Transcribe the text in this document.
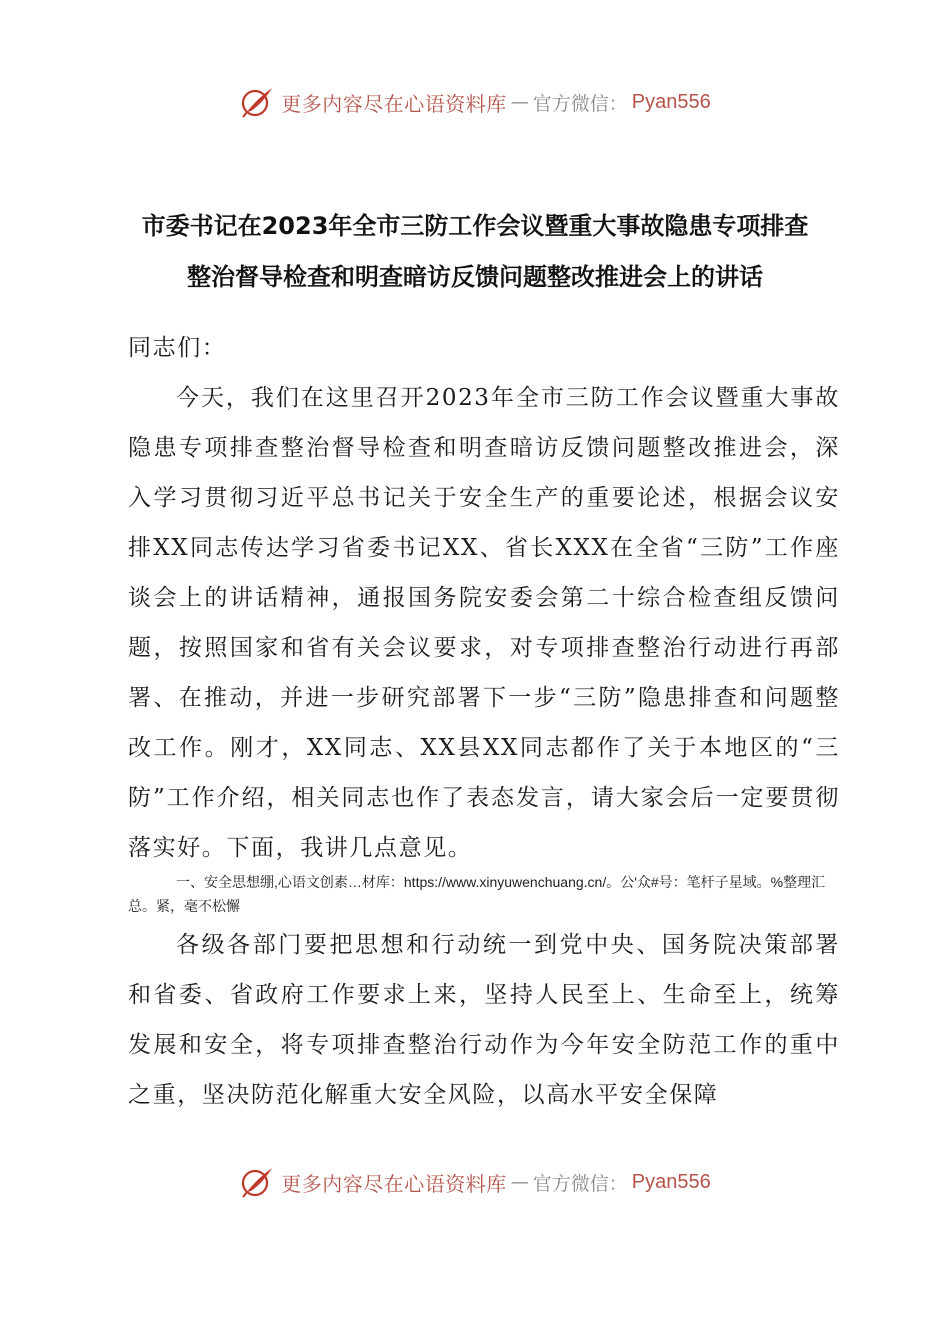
更多内容尽在心语资料库 — 官方微信： Pyan556
市委书记在2023年全市三防工作会议暨重大事故隐患专项排查
整治督导检查和明查暗访反馈问题整改推进会上的讲话

同志们：

今天，我们在这里召开2023年全市三防工作会议暨重大事故隐患专项排查整治督导检查和明查暗访反馈问题整改推进会，深入学习贯彻习近平总书记关于安全生产的重要论述，根据会议安排XX同志传达学习省委书记XX、省长XXX在全省“三防”工作座谈会上的讲话精神，通报国务院安委会第二十综合检查组反馈问题，按照国家和省有关会议要求，对专项排查整治行动进行再部署、在推动，并进一步研究部署下一步“三防”隐患排查和问题整改工作。刚才，XX同志、XX县XX同志都作了关于本地区的“三防”工作介绍，相关同志也作了表态发言，请大家会后一定要贯彻落实好。下面，我讲几点意见。

一、安全思想绷,心语文创素…材库：https://www.xinyuwenchuang.cn/。公'众#号：笔杆子星域。%整理汇总。紧，毫不松懈

各级各部门要把思想和行动统一到党中央、国务院决策部署和省委、省政府工作要求上来，坚持人民至上、生命至上，统筹发展和安全，将专项排查整治行动作为今年安全防范工作的重中之重，坚决防范化解重大安全风险，以高水平安全保障

更多内容尽在心语资料库 — 官方微信： Pyan556
